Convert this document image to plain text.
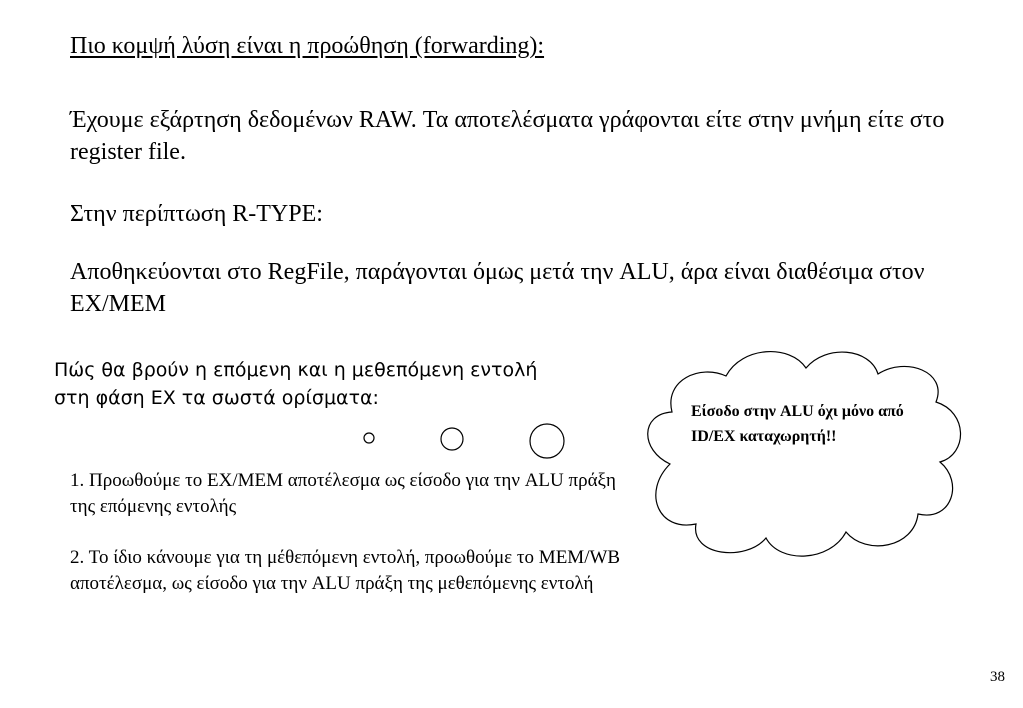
Πιο κομψή λύση είναι η προώθηση (forwarding):

Έχουμε εξάρτηση δεδομένων RAW. Τα αποτελέσματα γράφονται είτε στην μνήμη είτε στο register file.

Στην περίπτωση R-TYPE:

Αποθηκεύονται στο RegFile, παράγονται όμως μετά την ALU, άρα είναι διαθέσιμα στον EX/MEM

Πώς θα βρούν η επόμενη και η μεθεπόμενη εντολή στη φάση EX τα σωστά ορίσματα:

1. Προωθούμε το EX/MEM αποτέλεσμα ως είσοδο για την ALU πράξη της επόμενης εντολής

2. Το ίδιο κάνουμε για τη μέθεπόμενη εντολή, προωθούμε το MEM/WB αποτέλεσμα, ως είσοδο για την ALU πράξη της μεθεπόμενης εντολή

Είσοδο στην ALU όχι μόνο από ID/EX καταχωρητή!!

38
